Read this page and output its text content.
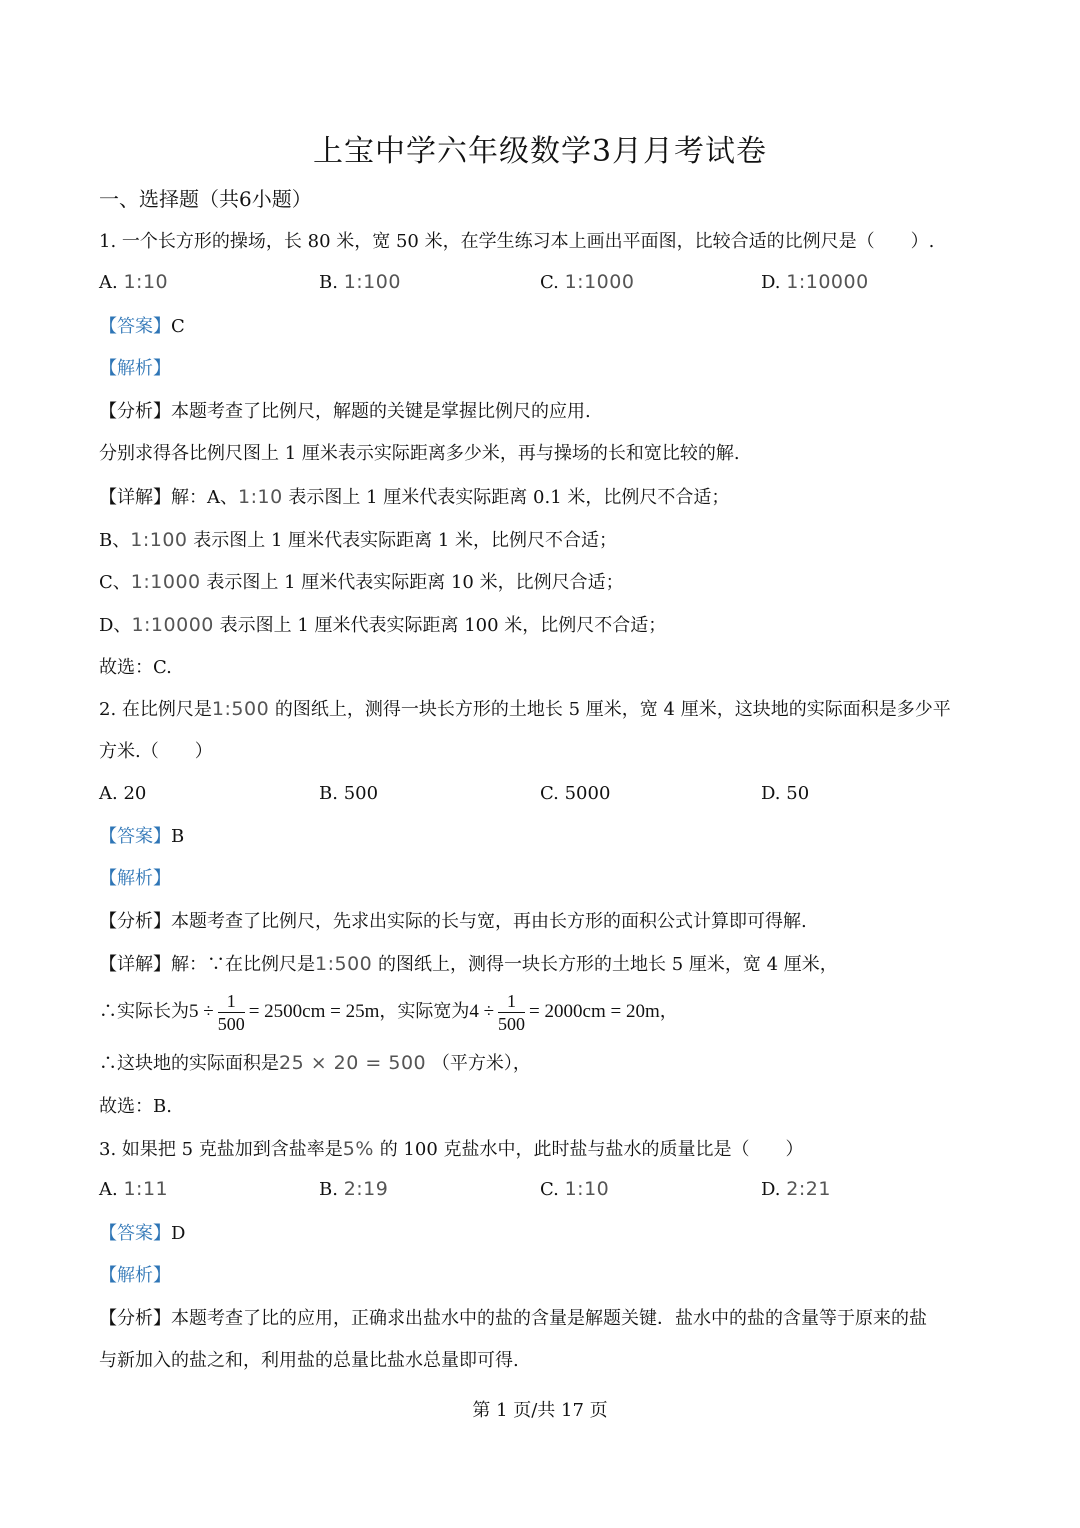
上宝中学六年级数学3月月考试卷
一、选择题（共6小题）
1. 一个长方形的操场，长 80 米，宽 50 米，在学生练习本上画出平面图，比较合适的比例尺是（　　）.
A. 1:10	B. 1:100	C. 1:1000	D. 1:10000
【答案】C
【解析】
【分析】本题考查了比例尺，解题的关键是掌握比例尺的应用.
分别求得各比例尺图上 1 厘米表示实际距离多少米，再与操场的长和宽比较的解.
【详解】解：A、1:10 表示图上 1 厘米代表实际距离 0.1 米，比例尺不合适；
B、1:100 表示图上 1 厘米代表实际距离 1 米，比例尺不合适；
C、1:1000 表示图上 1 厘米代表实际距离 10 米，比例尺合适；
D、1:10000 表示图上 1 厘米代表实际距离 100 米，比例尺不合适；
故选：C.
2. 在比例尺是1:500 的图纸上，测得一块长方形的土地长 5 厘米，宽 4 厘米，这块地的实际面积是多少平
方米.（　　）
A. 20	B. 500	C. 5000	D. 50
【答案】B
【解析】
【分析】本题考查了比例尺，先求出实际的长与宽，再由长方形的面积公式计算即可得解.
【详解】解：∵在比例尺是1:500 的图纸上，测得一块长方形的土地长 5 厘米，宽 4 厘米，
∴实际长为$5 \div \frac{1}{500} = 2500cm = 25m$，实际宽为$4 \div \frac{1}{500} = 2000cm = 20m$，
∴这块地的实际面积是25 × 20 = 500 （平方米），
故选：B.
3. 如果把 5 克盐加到含盐率是5% 的 100 克盐水中，此时盐与盐水的质量比是（　　）
A. 1:11	B. 2:19	C. 1:10	D. 2:21
【答案】D
【解析】
【分析】本题考查了比的应用，正确求出盐水中的盐的含量是解题关键．盐水中的盐的含量等于原来的盐
与新加入的盐之和，利用盐的总量比盐水总量即可得.
第 1 页/共 17 页
